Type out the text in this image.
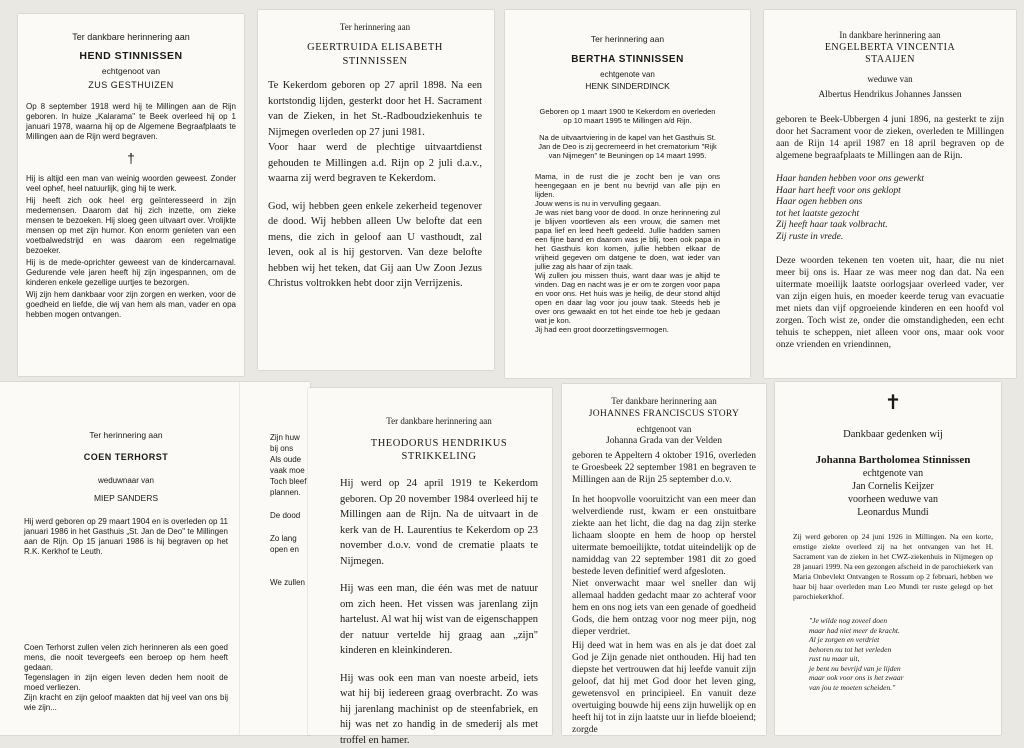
Ter dankbare herinnering aan
HEND STINNISSEN
echtgenoot van
ZUS GESTHUIZEN

Op 8 september 1918 werd hij te Millingen aan de Rijn geboren. In huize „Kalarama" te Beek overleed hij op 1 januari 1978, waarna hij op de Algemene Begraafplaats te Millingen aan de Rijn werd begraven.

†

Hij is altijd een man van weinig woorden geweest. Zonder veel ophef, heel natuurlijk, ging hij te werk.

Hij heeft zich ook heel erg geïnteresseerd in zijn medemensen. Daarom dat hij zich inzette, om zieke mensen te bezoeken. Hij sloeg geen uitvaart over. Vrolijkte mensen op met zijn humor. Kon enorm genieten van een voetbalwedstrijd en was daarom een regelmatige bezoeker.

Hij is de mede-oprichter geweest van de kindercarnaval. Gedurende vele jaren heeft hij zijn ingespannen, om de kinderen enkele gezellige uurtjes te bezorgen.

Wij zijn hem dankbaar voor zijn zorgen en werken, voor de goedheid en liefde, die wij van hem als man, vader en opa hebben mogen ontvangen.

Ter herinnering aan
GEERTRUIDA ELISABETH
STINNISSEN

Te Kekerdom geboren op 27 april 1898. Na een kortstondig lijden, gesterkt door het H. Sacrament van de Zieken, in het St.-Radboudziekenhuis te Nijmegen overleden op 27 juni 1981.

Voor haar werd de plechtige uitvaartdienst gehouden te Millingen a.d. Rijn op 2 juli d.a.v., waarna zij werd begraven te Kekerdom.

God, wij hebben geen enkele zekerheid tegenover de dood. Wij hebben alleen Uw belofte dat een mens, die zich in geloof aan U vasthoudt, zal leven, ook al is hij gestorven. Van deze belofte hebben wij het teken, dat Gij aan Uw Zoon Jezus Christus voltrokken hebt door zijn Verrijzenis.

Ter herinnering aan
BERTHA STINNISSEN
echtgenote van
HENK SINDERDINCK

Geboren op 1 maart 1900 te Kekerdom en overleden op 10 maart 1995 te Millingen a/d Rijn.

Na de uitvaartviering in de kapel van het Gasthuis St. Jan de Deo is zij gecremeerd in het crematorium "Rijk van Nijmegen" te Beuningen op 14 maart 1995.

Mama, in de rust die je zocht ben je van ons heengegaan en je bent nu bevrijd van alle pijn en lijden.

Jouw wens is nu in vervulling gegaan.

Je was niet bang voor de dood. In onze herinnering zul je blijven voortleven als een vrouw, die samen met papa lief en leed heeft gedeeld. Jullie hadden samen een fijne band en daarom was je blij, toen ook papa in het Gasthuis kon komen, jullie hebben elkaar de vrijheid gegeven om datgene te doen, wat ieder van jullie zag als haar of zijn taak.

Wij zullen jou missen thuis, want daar was je altijd te vinden. Dag en nacht was je er om te zorgen voor papa en voor ons. Het huis was je heilig, de deur stond altijd open en daar lag voor jou jouw taak. Steeds heb je over ons gewaakt en tot het einde toe heb je gedaan wat je kon.

Jij had een groot doorzettingsvermogen.

In dankbare herinnering aan
ENGELBERTA VINCENTIA
STAAIJEN
weduwe van
Albertus Hendrikus Johannes Janssen

geboren te Beek-Ubbergen 4 juni 1896, na gesterkt te zijn door het Sacrament voor de zieken, overleden te Millingen aan de Rijn 14 april 1987 en 18 april begraven op de algemene begraafplaats te Millingen aan de Rijn.

Haar handen hebben voor ons gewerkt
Haar hart heeft voor ons geklopt
Haar ogen hebben ons
tot het laatste gezocht
Zij heeft haar taak volbracht.
Zij ruste in vrede.

Deze woorden tekenen ten voeten uit, haar, die nu niet meer bij ons is. Haar ze was meer nog dan dat. Na een uitermate moeilijk laatste oorlogsjaar overleed vader, ver van zijn eigen huis, en moeder keerde terug van evacuatie met niets dan vijf opgroeiende kinderen en een hoofd vol zorgen. Toch wist ze, onder die omstandigheden, een echt tehuis te scheppen, niet alleen voor ons, maar ook voor onze vrienden en vriendinnen,

Ter herinnering aan
COEN TERHORST
weduwnaar van
MIEP SANDERS

Hij werd geboren op 29 maart 1904 en is overleden op 11 januari 1986 in het Gasthuis „St. Jan de Deo" te Millingen aan de Rijn. Op 15 januari 1986 is hij begraven op het R.K. Kerkhof te Leuth.

Coen Terhorst zullen velen zich herinneren als een goed mens, die nooit tevergeefs een beroep op hem heeft gedaan.

Tegenslagen in zijn eigen leven deden hem nooit de moed verliezen.

Zijn kracht en zijn geloof maakten dat hij veel van ons bij wie zijn...

Zijn huw
bij ons
Als oude
vaak moe
Toch bleef
plannen.
De dood
Zo lang
open en
We zullen
Ter dankbare herinnering aan
THEODORUS HENDRIKUS
STRIKKELING

Hij werd op 24 april 1919 te Kekerdom geboren. Op 20 november 1984 overleed hij te Millingen aan de Rijn. Na de uitvaart in de kerk van de H. Laurentius te Kekerdom op 23 november d.o.v. vond de crematie plaats te Nijmegen.

Hij was een man, die één was met de natuur om zich heen. Het vissen was jarenlang zijn hartelust. Al wat hij wist van de eigenschappen der natuur vertelde hij graag aan „zijn" kinderen en kleinkinderen.

Hij was ook een man van noeste arbeid, iets wat hij bij iedereen graag overbracht. Zo was hij jarenlang machinist op de steenfabriek, en hij was net zo handig in de smederij als met troffel en hamer.

Ter dankbare herinnering aan
JOHANNES FRANCISCUS STORY
echtgenoot van
Johanna Grada van der Velden

geboren te Appeltern 4 oktober 1916, overleden te Groesbeek 22 september 1981 en begraven te Millingen aan de Rijn 25 september d.o.v.

In het hoopvolle vooruitzicht van een meer dan welverdiende rust, kwam er een onstuitbare ziekte aan het licht, die dag na dag zijn sterke lichaam sloopte en hem de hoop op herstel uitermate bemoeilijkte, totdat uiteindelijk op de namiddag van 22 september 1981 dit zo goed bestede leven definitief werd afgesloten.

Niet onverwacht maar wel sneller dan wij allemaal hadden gedacht maar zo achteraf voor hem en ons nog iets van een genade of goedheid Gods, die hem ontzag voor nog meer pijn, nog dieper verdriet.

Hij deed wat in hem was en als je dat doet zal God je Zijn genade niet onthouden. Hij had ten diepste het vertrouwen dat hij leefde vanuit zijn geloof, dat hij met God door het leven ging, gewetensvol en principieel. En vanuit deze overtuiging bouwde hij eens zijn huwelijk op en heeft hij tot in zijn laatste uur in liefde bloeiend; zorgde

✝
Dankbaar gedenken wij
Johanna Bartholomea Stinnissen
echtgenote van
Jan Cornelis Keijzer
voorheen weduwe van
Leonardus Mundi

Zij werd geboren op 24 juni 1926 in Millingen. Na een korte, ernstige ziekte overleed zij na het ontvangen van het H. Sacrament van de zieken in het CWZ-ziekenhuis in Nijmegen op 28 januari 1999. Na een gezongen afscheid in de parochiekerk van Maria Onbevlekt Ontvangen te Rossum op 2 februari, hebben we haar bij haar overleden man Leo Mundi ter ruste gelegd op het parochiekerkhof.

"Je wilde nog zoveel doen
maar had niet meer de kracht.
Al je zorgen en verdriet
behoren nu tot het verleden
rust nu maar uit,
je bent nu bevrijd van je lijden
maar ook voor ons is het zwaar
van jou te moeten scheiden."
